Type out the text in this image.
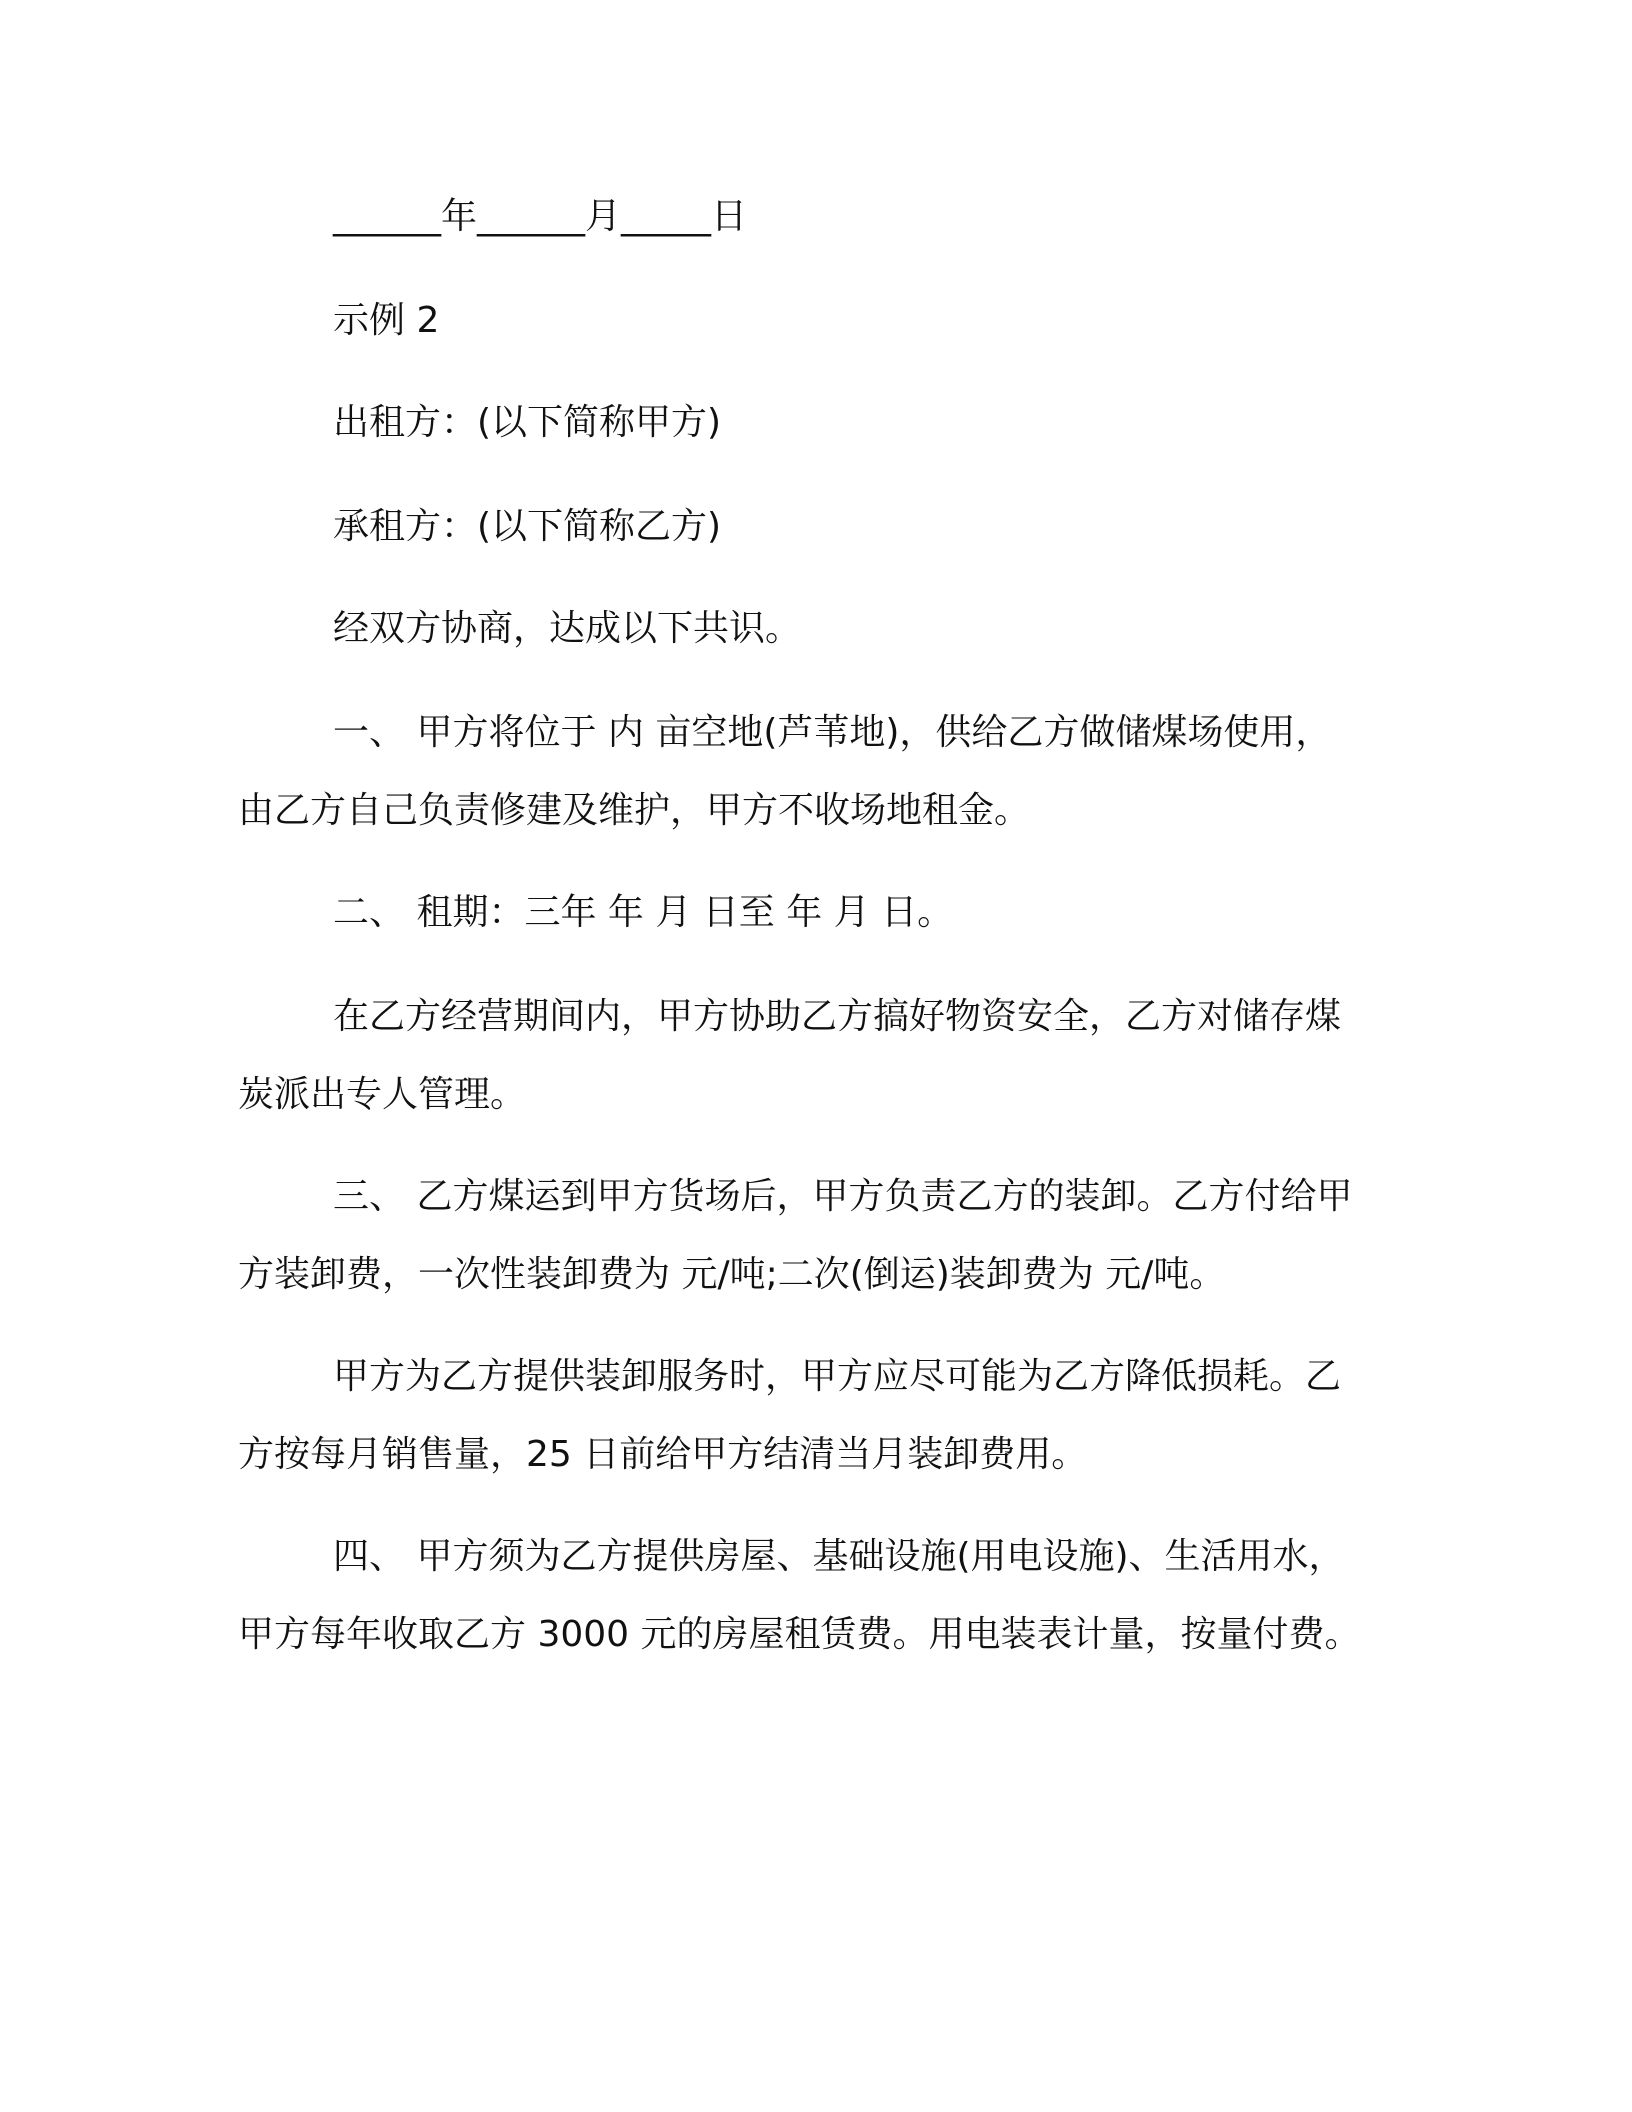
______年______月_____日
示例 2
出租方：(以下简称甲方)
承租方：(以下简称乙方)
经双方协商，达成以下共识。
一、 甲方将位于 内 亩空地(芦苇地)，供给乙方做储煤场使用，
由乙方自己负责修建及维护，甲方不收场地租金。
二、 租期：三年 年 月 日至 年 月 日。
在乙方经营期间内，甲方协助乙方搞好物资安全，乙方对储存煤
炭派出专人管理。
三、 乙方煤运到甲方货场后，甲方负责乙方的装卸。乙方付给甲
方装卸费，一次性装卸费为 元/吨;二次(倒运)装卸费为 元/吨。
甲方为乙方提供装卸服务时，甲方应尽可能为乙方降低损耗。乙
方按每月销售量，25 日前给甲方结清当月装卸费用。
四、 甲方须为乙方提供房屋、基础设施(用电设施)、生活用水，
甲方每年收取乙方 3000 元的房屋租赁费。用电装表计量，按量付费。
